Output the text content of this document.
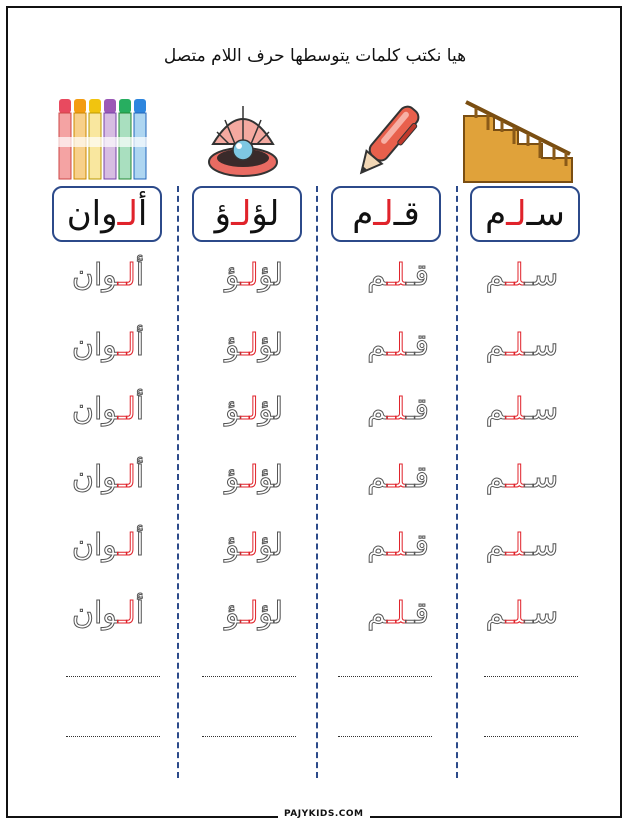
هيا نكتب كلمات يتوسطها حرف اللام متصل
أ
لـ
وان	لؤ
لـ
ؤ	قـ
لـ
م	سـ
لـ
م
سـلـم
سـلـم
سـلـم
سـلـم
سـلـم
سـلـم
قـلـم
قـلـم
قـلـم
قـلـم
قـلـم
قـلـم
لؤلـؤ
لؤلـؤ
لؤلـؤ
لؤلـؤ
لؤلـؤ
لؤلـؤ
ألـوان
ألـوان
ألـوان
ألـوان
ألـوان
ألـوان
PAJYKIDS.COM
